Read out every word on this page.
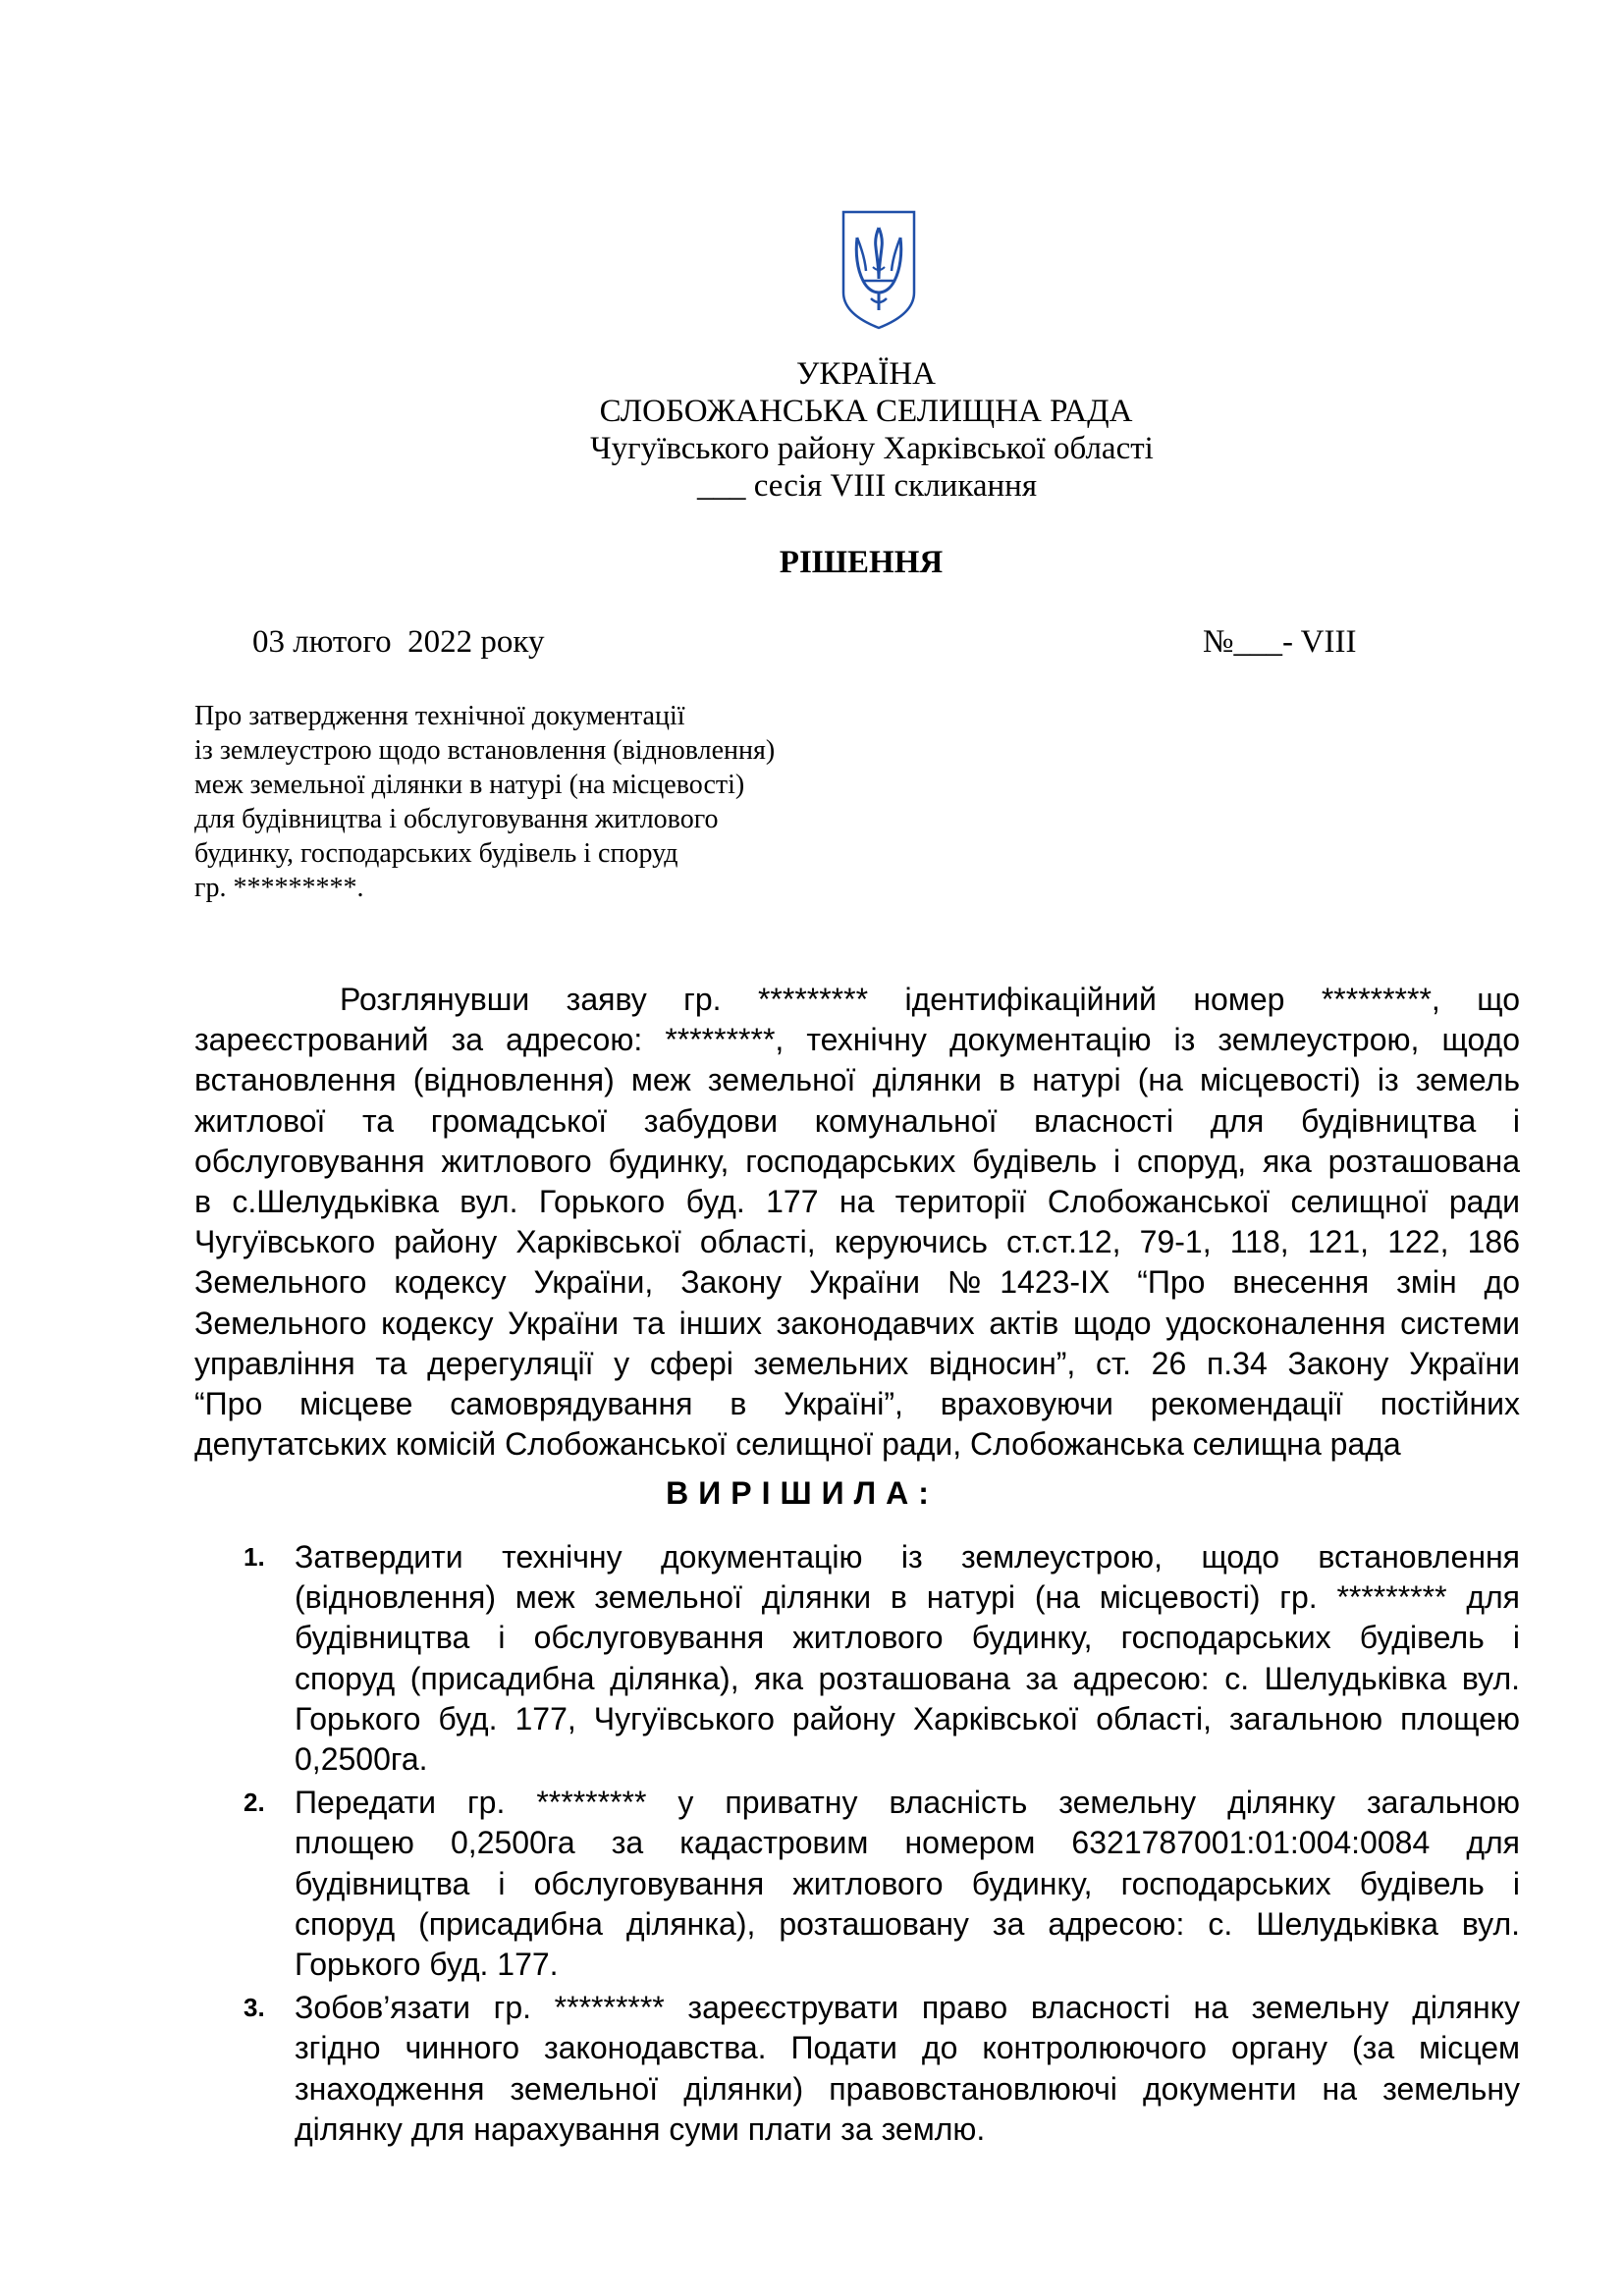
УКРАЇНА
СЛОБОЖАНСЬКА СЕЛИЩНА РАДА
Чугуївського району Харківської області
___ сесія VIII скликання
РІШЕННЯ
03 лютого  2022 року	№___- VIII
Про затвердження технічної документації
із землеустрою щодо встановлення (відновлення)
меж земельної ділянки в натурі (на місцевості)
для будівництва і обслуговування житлового
будинку, господарських будівель і споруд
гр. *********.
Розглянувши заяву гр. ********* ідентифікаційний номер *********, що
зареєстрований за адресою: *********, технічну документацію із землеустрою, щодо
встановлення (відновлення) меж земельної ділянки в натурі (на місцевості) із земель
житлової та громадської забудови комунальної власності для будівництва і
обслуговування житлового будинку, господарських будівель і споруд, яка розташована
в с.Шелудьківка вул. Горького буд. 177 на території Слобожанської селищної ради
Чугуївського району Харківської області, керуючись ст.ст.12, 79-1, 118, 121, 122, 186
Земельного кодексу України, Закону України №1423-ІХ “Про внесення змін до
Земельного кодексу України та інших законодавчих актів щодо удосконалення системи
управління та дерегуляції у сфері земельних відносин”, ст. 26 п.34 Закону України
“Про місцеве самоврядування в Україні”, враховуючи рекомендації постійних
депутатських комісій Слобожанської селищної ради, Слобожанська селищна рада
ВИРІШИЛА:
1. Затвердити технічну документацію із землеустрою, щодо встановлення
(відновлення) меж земельної ділянки в натурі (на місцевості) гр. ********* для
будівництва і обслуговування житлового будинку, господарських будівель і
споруд (присадибна ділянка), яка розташована за адресою: с. Шелудьківка вул.
Горького буд. 177, Чугуївського району Харківської області, загальною площею
0,2500га.
2. Передати гр. ********* у приватну власність земельну ділянку загальною
площею 0,2500га за кадастровим номером 6321787001:01:004:0084 для
будівництва і обслуговування житлового будинку, господарських будівель і
споруд (присадибна ділянка), розташовану за адресою: с. Шелудьківка вул.
Горького буд. 177.
3. Зобов’язати гр. ********* зареєструвати право власності на земельну ділянку
згідно чинного законодавства. Подати до контролюючого органу (за місцем
знаходження земельної ділянки) правовстановлюючі документи на земельну
ділянку для нарахування суми плати за землю.
